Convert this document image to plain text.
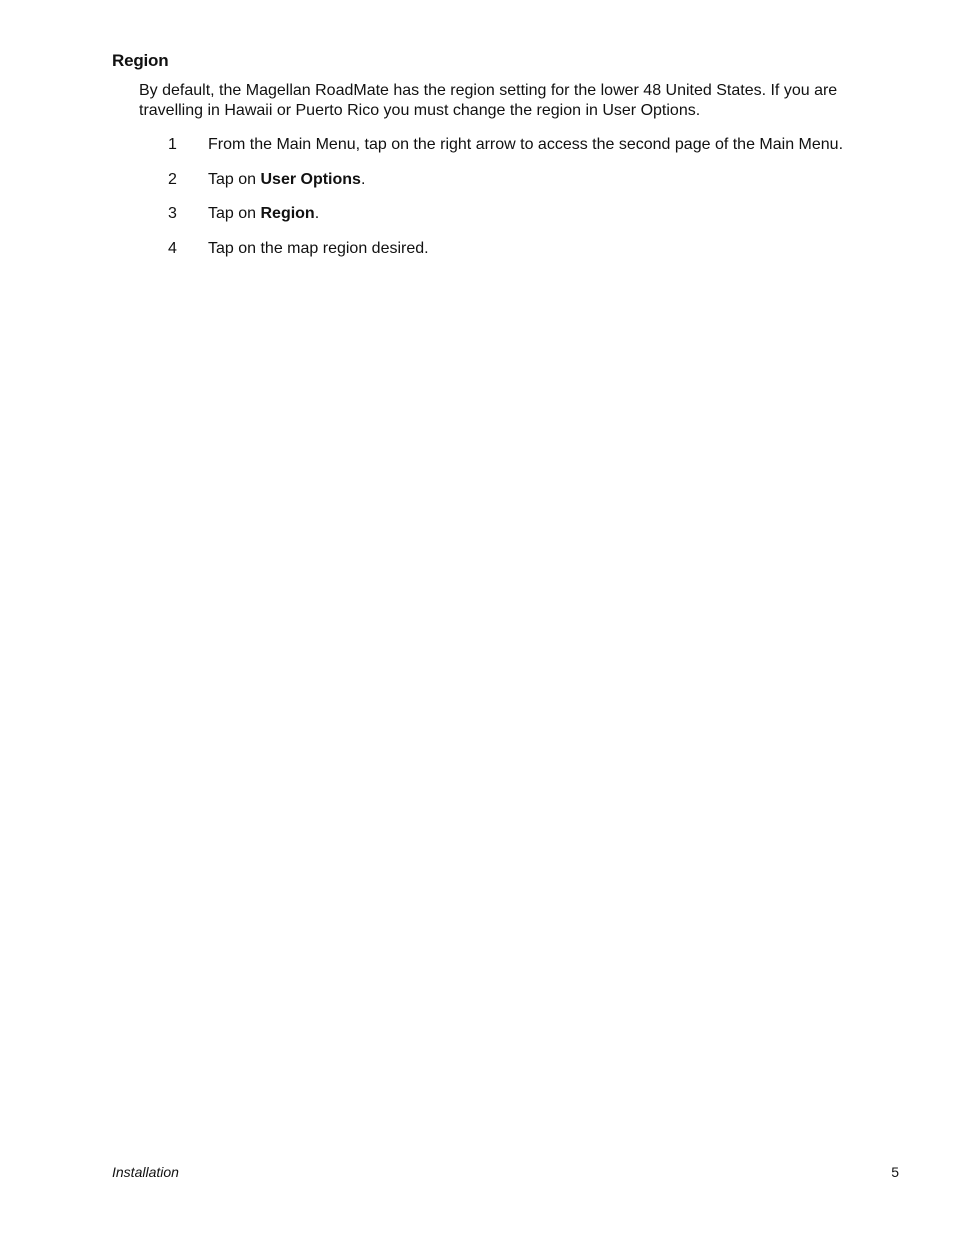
Region

By default, the Magellan RoadMate has the region setting for the lower 48 United States. If you are travelling in Hawaii or Puerto Rico you must change the region in User Options.

1	From the Main Menu, tap on the right arrow to access the second page of the Main Menu.
2	Tap on User Options.
3	Tap on Region.
4	Tap on the map region desired.
Installation	5
